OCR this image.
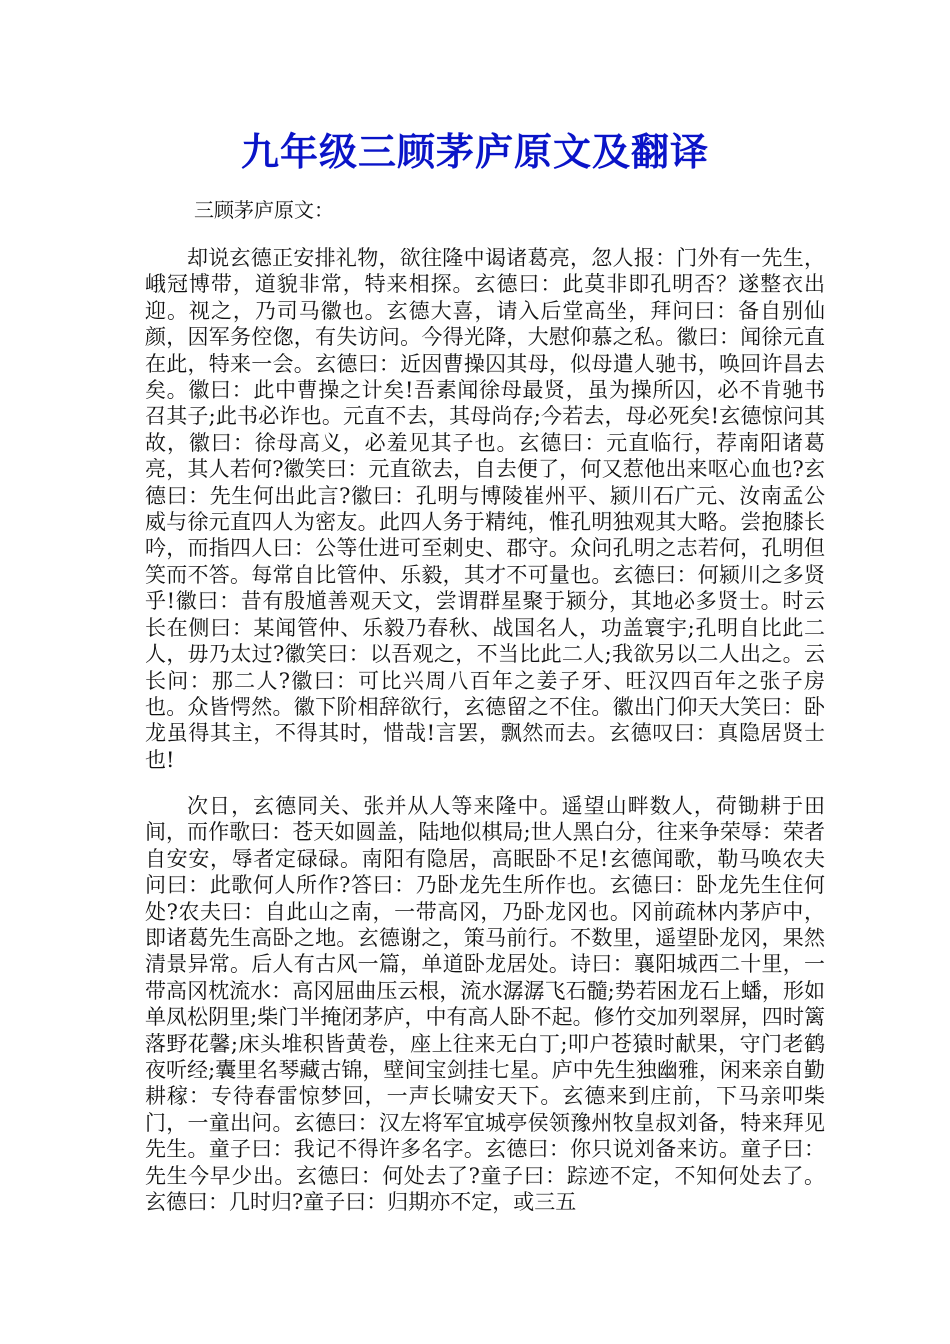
九年级三顾茅庐原文及翻译
三顾茅庐原文：

却说玄德正安排礼物，欲往隆中谒诸葛亮，忽人报：门外有一先生，峨冠博带，道貌非常，特来相探。玄德曰：此莫非即孔明否？遂整衣出迎。视之，乃司马徽也。玄德大喜，请入后堂高坐，拜问曰：备自别仙颜，因军务倥偬，有失访问。今得光降，大慰仰慕之私。徽曰：闻徐元直在此，特来一会。玄德曰：近因曹操囚其母，似母遣人驰书，唤回许昌去矣。徽曰：此中曹操之计矣!吾素闻徐母最贤，虽为操所囚，必不肯驰书召其子;此书必诈也。元直不去，其母尚存;今若去，母必死矣!玄德惊问其故，徽曰：徐母高义，必羞见其子也。玄德曰：元直临行，荐南阳诸葛亮，其人若何?徽笑曰：元直欲去，自去便了，何又惹他出来呕心血也?玄德曰：先生何出此言?徽曰：孔明与博陵崔州平、颍川石广元、汝南孟公威与徐元直四人为密友。此四人务于精纯，惟孔明独观其大略。尝抱膝长吟，而指四人曰：公等仕进可至刺史、郡守。众问孔明之志若何，孔明但笑而不答。每常自比管仲、乐毅，其才不可量也。玄德曰：何颍川之多贤乎!徽曰：昔有殷馗善观天文，尝谓群星聚于颍分，其地必多贤士。时云长在侧曰：某闻管仲、乐毅乃春秋、战国名人，功盖寰宇;孔明自比此二人，毋乃太过?徽笑曰：以吾观之，不当比此二人;我欲另以二人出之。云长问：那二人?徽曰：可比兴周八百年之姜子牙、旺汉四百年之张子房也。众皆愕然。徽下阶相辞欲行，玄德留之不住。徽出门仰天大笑曰：卧龙虽得其主，不得其时，惜哉!言罢，飘然而去。玄德叹曰：真隐居贤士也!

次日，玄德同关、张并从人等来隆中。遥望山畔数人，荷锄耕于田间，而作歌曰：苍天如圆盖，陆地似棋局;世人黑白分，往来争荣辱：荣者自安安，辱者定碌碌。南阳有隐居，高眠卧不足!玄德闻歌，勒马唤农夫问曰：此歌何人所作?答曰：乃卧龙先生所作也。玄德曰：卧龙先生住何处?农夫曰：自此山之南，一带高冈，乃卧龙冈也。冈前疏林内茅庐中，即诸葛先生高卧之地。玄德谢之，策马前行。不数里，遥望卧龙冈，果然清景异常。后人有古风一篇，单道卧龙居处。诗曰：襄阳城西二十里，一带高冈枕流水：高冈屈曲压云根，流水潺潺飞石髓;势若困龙石上蟠，形如单凤松阴里;柴门半掩闭茅庐，中有高人卧不起。修竹交加列翠屏，四时篱落野花馨;床头堆积皆黄卷，座上往来无白丁;叩户苍猿时献果，守门老鹤夜听经;囊里名琴藏古锦，壁间宝剑挂七星。庐中先生独幽雅，闲来亲自勤耕稼：专待春雷惊梦回，一声长啸安天下。玄德来到庄前，下马亲叩柴门，一童出问。玄德曰：汉左将军宜城亭侯领豫州牧皇叔刘备，特来拜见先生。童子曰：我记不得许多名字。玄德曰：你只说刘备来访。童子曰：先生今早少出。玄德曰：何处去了?童子曰：踪迹不定，不知何处去了。玄德曰：几时归?童子曰：归期亦不定，或三五
